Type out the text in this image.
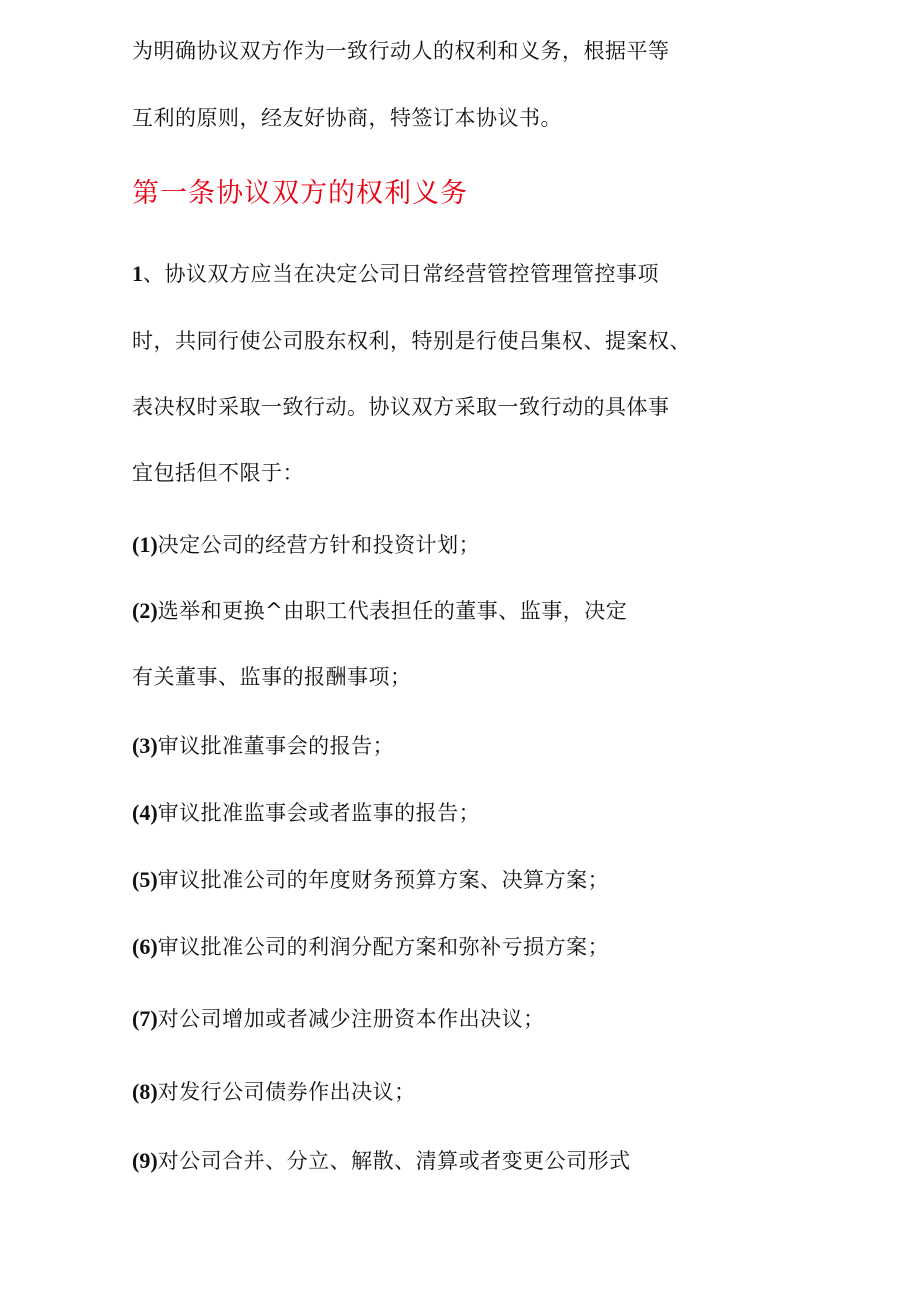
为明确协议双方作为一致行动人的权利和义务，根据平等
互利的原则，经友好协商，特签订本协议书。
第一条协议双方的权利义务
1、协议双方应当在决定公司日常经营管控管理管控事项
时，共同行使公司股东权利，特别是行使吕集权、提案权、
表决权时采取一致行动。协议双方采取一致行动的具体事
宜包括但不限于：
(1)决定公司的经营方针和投资计划；
(2)选举和更换^由职工代表担任的董事、监事，决定
有关董事、监事的报酬事项；
(3)审议批准董事会的报告；
(4)审议批准监事会或者监事的报告；
(5)审议批准公司的年度财务预算方案、决算方案；
(6)审议批准公司的利润分配方案和弥补亏损方案；
(7)对公司增加或者减少注册资本作出决议；
(8)对发行公司债券作出决议；
(9)对公司合并、分立、解散、清算或者变更公司形式
